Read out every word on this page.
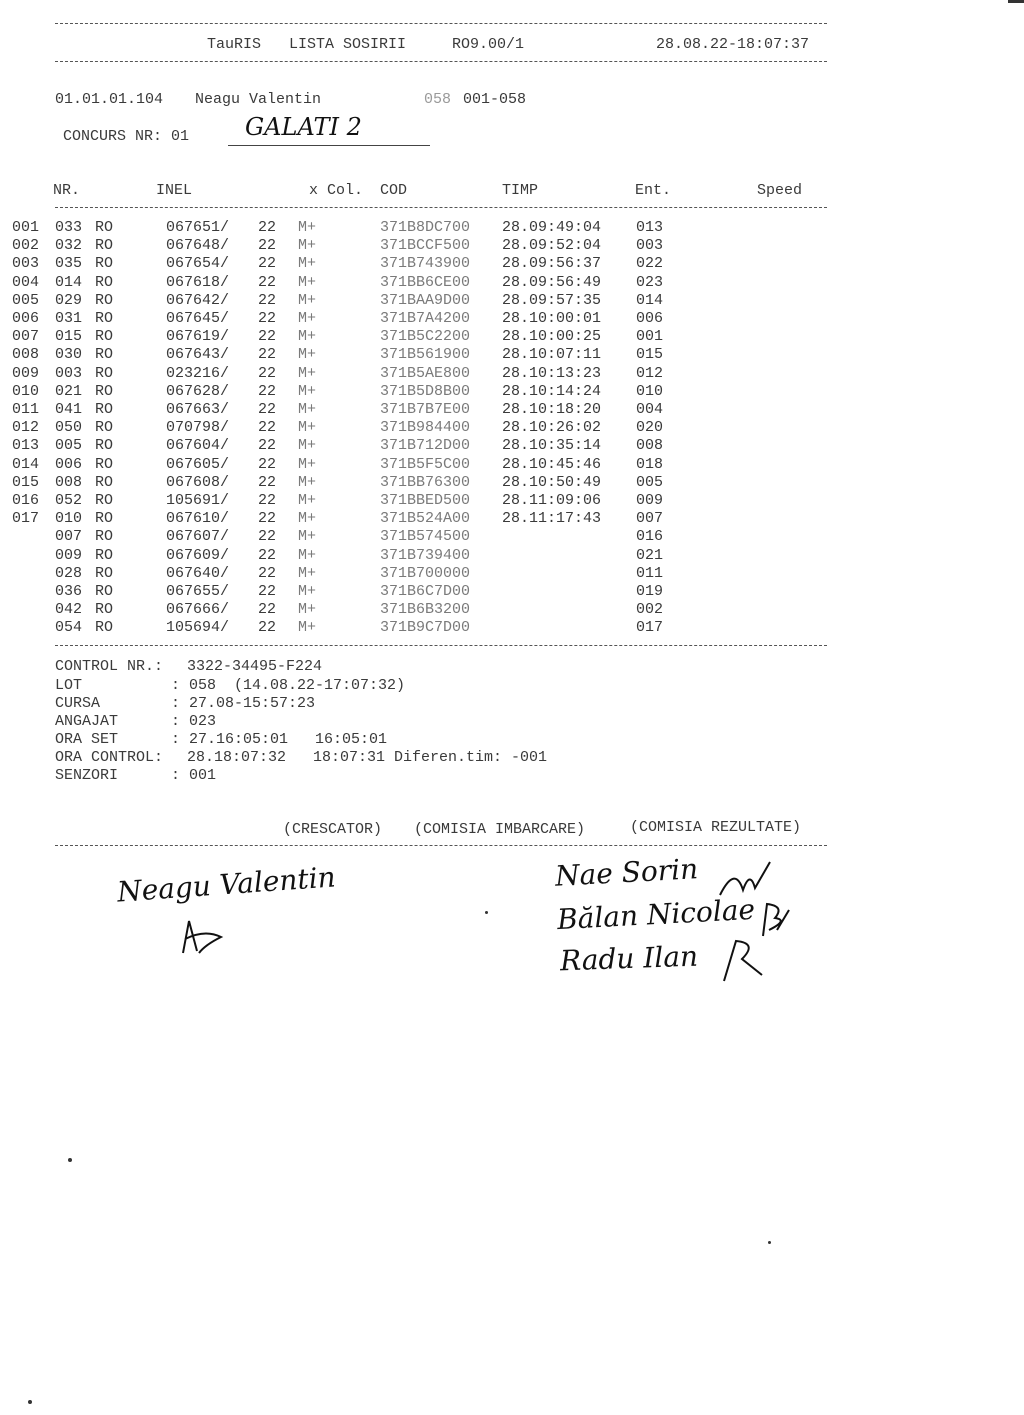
TauRIS LISTA SOSIRII	RO9.00/1	28.08.22-18:07:37
01.01.01.104 Neagu Valentin	058 001-058
CONCURS NR: 01 GALATI 2
NR.	INEL	x Col. COD	TIMP	Ent.	Speed
001 033 RO	067651/ 22 M+	371B8DC700 28.09:49:04 013
002 032 RO	067648/ 22 M+	371BCCF500 28.09:52:04 003
003 035 RO	067654/ 22 M+	371B743900 28.09:56:37 022
004 014 RO	067618/ 22 M+	371BB6CE00 28.09:56:49 023
005 029 RO	067642/ 22 M+	371BAA9D00 28.09:57:35 014
006 031 RO	067645/ 22 M+	371B7A4200 28.10:00:01 006
007 015 RO	067619/ 22 M+	371B5C2200 28.10:00:25 001
008 030 RO	067643/ 22 M+	371B561900 28.10:07:11 015
009 003 RO	023216/ 22 M+	371B5AE800 28.10:13:23 012
010 021 RO	067628/ 22 M+	371B5D8B00 28.10:14:24 010
011 041 RO	067663/ 22 M+	371B7B7E00 28.10:18:20 004
012 050 RO	070798/ 22 M+	371B984400 28.10:26:02 020
013 005 RO	067604/ 22 M+	371B712D00 28.10:35:14 008
014 006 RO	067605/ 22 M+	371B5F5C00 28.10:45:46 018
015 008 RO	067608/ 22 M+	371BB76300 28.10:50:49 005
016 052 RO	105691/ 22 M+	371BBED500 28.11:09:06 009
017 010 RO	067610/ 22 M+	371B524A00 28.11:17:43 007
007 RO	067607/ 22 M+	371B574500	016
009 RO	067609/ 22 M+	371B739400	021
028 RO	067640/ 22 M+	371B700000	011
036 RO	067655/ 22 M+	371B6C7D00	019
042 RO	067666/ 22 M+	371B6B3200	002
054 RO	105694/ 22 M+	371B9C7D00	017
CONTROL NR.: 3322-34495-F224
LOT	: 058  (14.08.22-17:07:32)
CURSA	: 27.08-15:57:23
ANGAJAT	: 023
ORA SET	: 27.16:05:01   16:05:01
ORA CONTROL: 28.18:07:32   18:07:31 Diferen.tim: -001
SENZORI	: 001
(CRESCATOR) (COMISIA IMBARCARE)	(COMISIA REZULTATE)
Neagu Valentin	Nae Sorin
Bălan Nicolae
Radu Ilan
